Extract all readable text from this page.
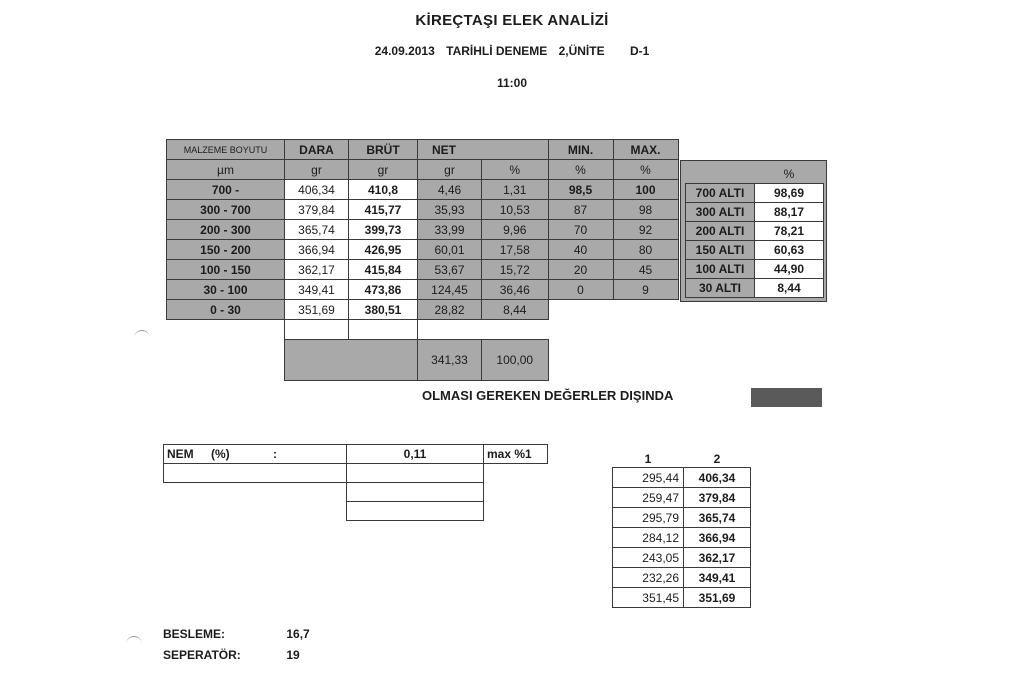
KİREÇTAŞI ELEK ANALİZİ
24.09.2013 TARİHLİ DENEME 2,ÜNİTE D-1
11:00
MALZEME BOYUTU	DARA	BRÜT	NET		MIN.	MAX.
µm	gr	gr	gr	%	%	%
700 -	406,34	410,8	4,46	1,31	98,5	100
300 - 700	379,84	415,77	35,93	10,53	87	98
200 - 300	365,74	399,73	33,99	9,96	70	92
150 - 200	366,94	426,95	60,01	17,58	40	80
100 - 150	362,17	415,84	53,67	15,72	20	45
30 - 100	349,41	473,86	124,45	36,46	0	9
0 - 30	351,69	380,51	28,82	8,44		

			341,33	100,00		
	%
700 ALTI	98,69
300 ALTI	88,17
200 ALTI	78,21
150 ALTI	60,63
100 ALTI	44,90
30 ALTI	8,44
OLMASI GEREKEN DEĞERLER DIŞINDA
NEM (%) :	0,11	max %1

			1	2
295,44	406,34
259,47	379,84
295,79	365,74
284,12	366,94
243,05	362,17
232,26	349,41
351,45	351,69
BESLEME:	16,7
SEPERATÖR:	19
